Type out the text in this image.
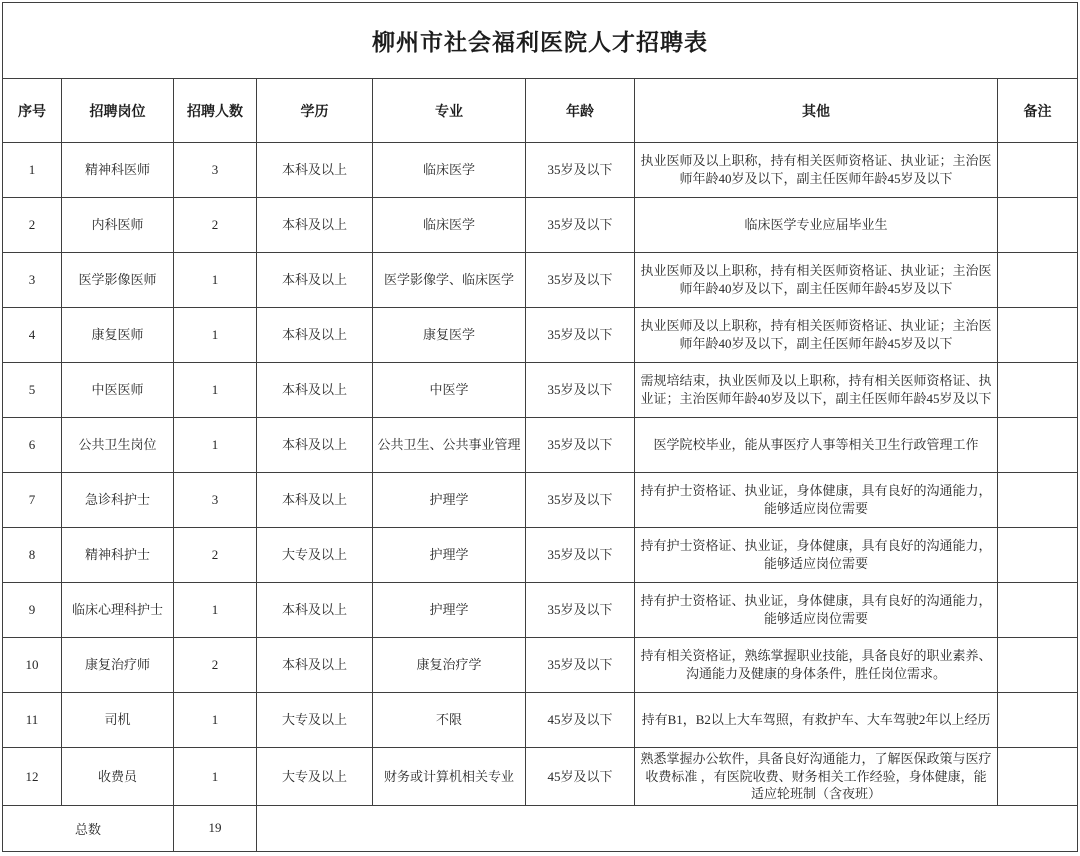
柳州市社会福利医院人才招聘表							
序号	招聘岗位	招聘人数	学历	专业	年龄	其他	备注
1	精神科医师	3	本科及以上	临床医学	35岁及以下	执业医师及以上职称，持有相关医师资格证、执业证；主治医师年龄40岁及以下，副主任医师年龄45岁及以下	
2	内科医师	2	本科及以上	临床医学	35岁及以下	临床医学专业应届毕业生	
3	医学影像医师	1	本科及以上	医学影像学、临床医学	35岁及以下	执业医师及以上职称，持有相关医师资格证、执业证；主治医师年龄40岁及以下，副主任医师年龄45岁及以下	
4	康复医师	1	本科及以上	康复医学	35岁及以下	执业医师及以上职称，持有相关医师资格证、执业证；主治医师年龄40岁及以下，副主任医师年龄45岁及以下	
5	中医医师	1	本科及以上	中医学	35岁及以下	需规培结束，执业医师及以上职称，持有相关医师资格证、执业证；主治医师年龄40岁及以下，副主任医师年龄45岁及以下	
6	公共卫生岗位	1	本科及以上	公共卫生、公共事业管理	35岁及以下	医学院校毕业，能从事医疗人事等相关卫生行政管理工作	
7	急诊科护士	3	本科及以上	护理学	35岁及以下	持有护士资格证、执业证，身体健康，具有良好的沟通能力，能够适应岗位需要	
8	精神科护士	2	大专及以上	护理学	35岁及以下	持有护士资格证、执业证，身体健康，具有良好的沟通能力，能够适应岗位需要	
9	临床心理科护士	1	本科及以上	护理学	35岁及以下	持有护士资格证、执业证，身体健康，具有良好的沟通能力，能够适应岗位需要	
10	康复治疗师	2	本科及以上	康复治疗学	35岁及以下	持有相关资格证，熟练掌握职业技能，具备良好的职业素养、沟通能力及健康的身体条件，胜任岗位需求。	
11	司机	1	大专及以上	不限	45岁及以下	持有B1，B2以上大车驾照，有救护车、大车驾驶2年以上经历	
12	收费员	1	大专及以上	财务或计算机相关专业	45岁及以下	熟悉掌握办公软件，具备良好沟通能力，了解医保政策与医疗收费标准 ，有医院收费、财务相关工作经验，身体健康，能适应轮班制（含夜班）	
总数		19					
